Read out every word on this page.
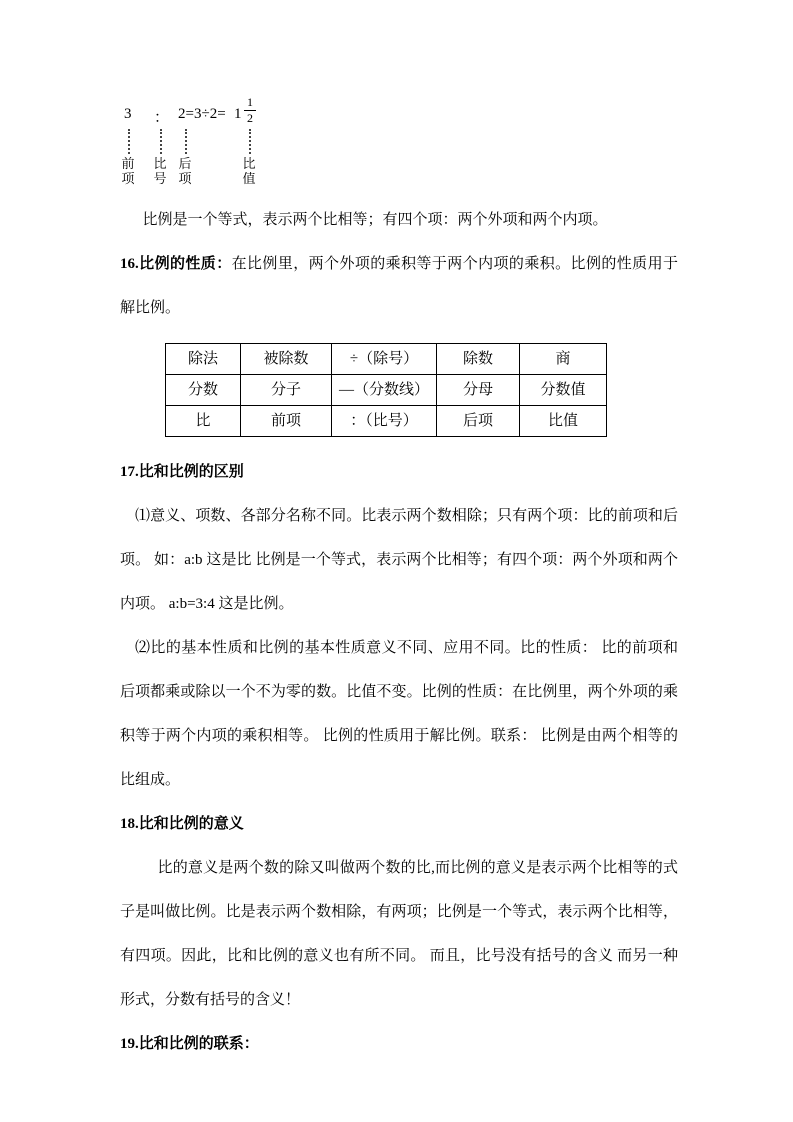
3 ： $2=3\div 2= 1 \frac{1}{2}$
前
项
比
号
后
项
比
值

比例是一个等式，表示两个比相等；有四个项：两个外项和两个内项。

16.比例的性质：在比例里，两个外项的乘积等于两个内项的乘积。比例的性质用于解比例。

除法	被除数	÷（除号）	除数	商
分数	分子	—（分数线）	分母	分数值
比	前项	：（比号）	后项	比值

17.比和比例的区别

⑴意义、项数、各部分名称不同。比表示两个数相除；只有两个项：比的前项和后项。 如：a:b 这是比 比例是一个等式，表示两个比相等；有四个项：两个外项和两个内项。 a:b=3:4 这是比例。

⑵比的基本性质和比例的基本性质意义不同、应用不同。比的性质： 比的前项和后项都乘或除以一个不为零的数。比值不变。比例的性质：在比例里，两个外项的乘积等于两个内项的乘积相等。 比例的性质用于解比例。联系： 比例是由两个相等的比组成。

18.比和比例的意义

比的意义是两个数的除又叫做两个数的比,而比例的意义是表示两个比相等的式子是叫做比例。比是表示两个数相除，有两项；比例是一个等式，表示两个比相等，有四项。因此，比和比例的意义也有所不同。 而且，比号没有括号的含义 而另一种形式，分数有括号的含义！

19.比和比例的联系：
